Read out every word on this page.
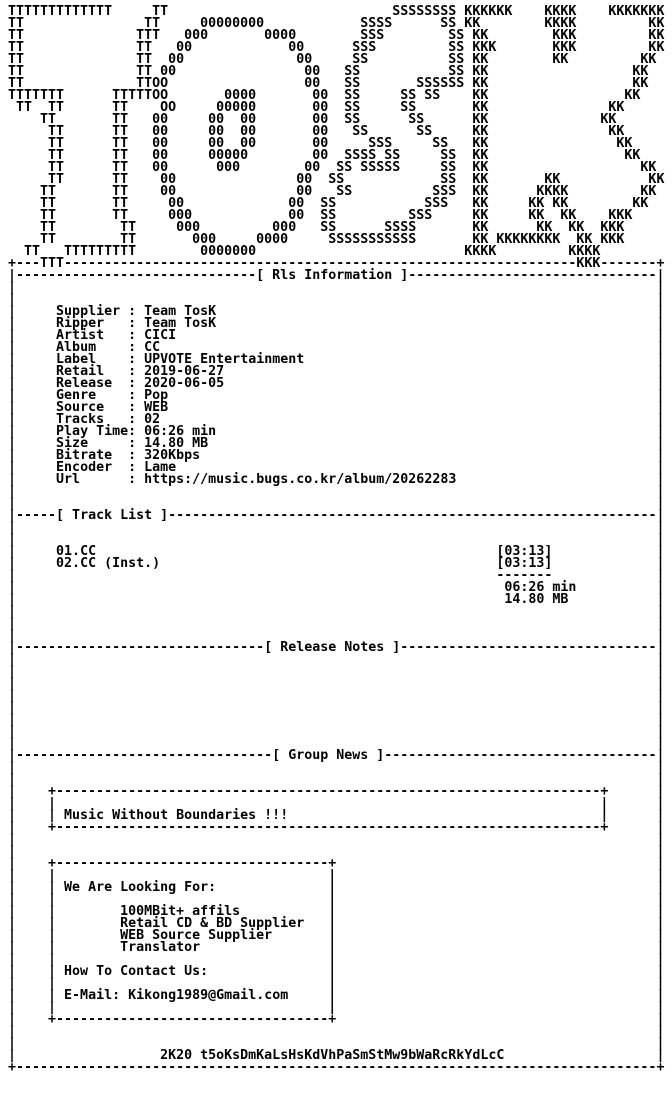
TTTTTTTTTTTTT     TT                            SSSSSSSS KKKKKK    KKKK    KKKKKKK
TT               TT     00000000            SSSS      SS KK        KKKK         KK
TT              TTT   000       0000        SSS        SS KK        KKK         KK
TT              TT   00            00      SSS         SS KKK       KKK         KK
TT              TT  00              00     SS          SS KK        KK         KK
TT              TT 00                00   SS           SS KK                  KK
TT              TTOO                 00   SS       SSSSSS KK                  KK
TTTTTTT      TTTTTOO       0000       00  SS     SS SS    KK                 KK
TT  TT      TT    OO     00000       00  SS     SS       KK               KK
TT       TT   00     00  00       00  SS      SS      KK              KK
TT      TT   00     00  00       00   SS      SS     KK               KK
TT      TT   00     00  00       00     SSS     SS   KK                KK
TT      TT   00     00000        00  SSSS SS     SS  KK                 KK
TT      TT   00      000        00  SS SSSSS     SS  KK                   KK
TT      TT    00               00  SS            SS  KK       KK           KK
TT       TT    00               00   SS          SSS  KK      KKKK         KK
TT       TT     00             00  SS           SSS   KK     KK KK        KK
TT       TT     000            00  SS         SSS     KK     KK  KK    KKK
TT        TT     000         000   SS      SSSS       KK      KK  KK  KKK
TT        TT       000     0000     SSSSSSSSSSS       KK KKKKKKKK  KK KKK
TT   TTTTTTTTT        0000000                          KKKK         KKKK
+---TTT----------------------------------------------------------------KKK-------+
|------------------------------[ Rls Information ]-------------------------------|
|                                                                                |
|                                                                                |
|     Supplier : Team TosK                                                       |
|     Ripper   : Team TosK                                                       |
|     Artist   : CICI                                                            |
|     Album    : CC                                                              |
|     Label    : UPVOTE Entertainment                                            |
|     Retail   : 2019-06-27                                                      |
|     Release  : 2020-06-05                                                      |
|     Genre    : Pop                                                             |
|     Source   : WEB                                                             |
|     Tracks   : 02                                                              |
|     Play Time: 06:26 min                                                       |
|     Size     : 14.80 MB                                                        |
|     Bitrate  : 320Kbps                                                         |
|     Encoder  : Lame                                                            |
|     Url      : https://music.bugs.co.kr/album/20262283                         |
|                                                                                |
|                                                                                |
|-----[ Track List ]-------------------------------------------------------------|
|                                                                                |
|                                                                                |
|     01.CC	[03:13]             |
|     02.CC (Inst.)	[03:13]             |
|                                                            -------             |
|                                                             06:26 min          |
|                                                             14.80 MB           |
|                                                                                |
|                                                                                |
|                                                                                |
|-------------------------------[ Release Notes ]--------------------------------|
|                                                                                |
|                                                                                |
|                                                                                |
|                                                                                |
|                                                                                |
|                                                                                |
|                                                                                |
|                                                                                |
|--------------------------------[ Group News ]----------------------------------|
|                                                                                |
|                                                                                |
|    +--------------------------------------------------------------------+      |
|    |                                                                    |      |
|    | Music Without Boundaries !!!                                       |      |
|    +--------------------------------------------------------------------+      |
|                                                                                |
|                                                                                |
|    +----------------------------------+                                        |
|    |                                  |                                        |
|    | We Are Looking For:              |                                        |
|    |                                  |                                        |
|    |        100MBit+ affils           |                                        |
|    |        Retail CD & BD Supplier   |                                        |
|    |        WEB Source Supplier       |                                        |
|    |        Translator                |                                        |
|    |                                  |                                        |
|    | How To Contact Us:               |                                        |
|    |                                  |                                        |
|    | E-Mail: Kikong1989@Gmail.com     |                                        |
|    |                                  |                                        |
|    +----------------------------------+                                        |
|                                                                                |
|                                                                                |
|                  2K20 t5oKsDmKaLsHsKdVhPaSmStMw9bWaRcRkYdLcC                   |
+--------------------------------------------------------------------------------+
